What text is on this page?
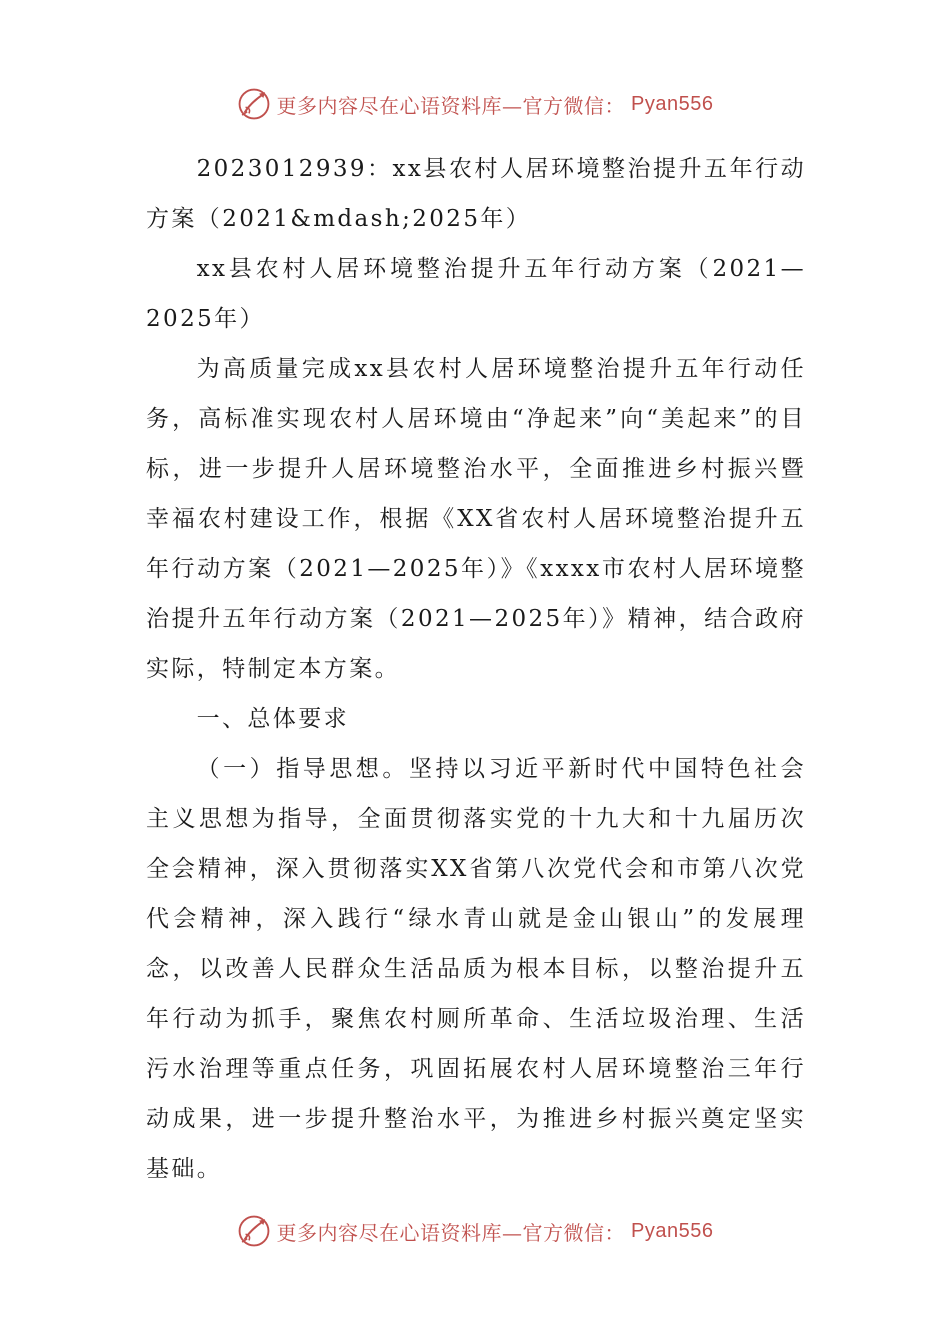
更多内容尽在心语资料库—官方微信： Pyan556

2023012939：xx县农村人居环境整治提升五年行动方案（2021&mdash;2025年）

xx县农村人居环境整治提升五年行动方案（2021—2025年）

为高质量完成xx县农村人居环境整治提升五年行动任务，高标准实现农村人居环境由“净起来”向“美起来”的目标，进一步提升人居环境整治水平，全面推进乡村振兴暨幸福农村建设工作，根据《XX省农村人居环境整治提升五年行动方案（2021—2025年）》《xxxx市农村人居环境整治提升五年行动方案（2021—2025年）》精神，结合政府实际，特制定本方案。

一、总体要求

（一）指导思想。坚持以习近平新时代中国特色社会主义思想为指导，全面贯彻落实党的十九大和十九届历次全会精神，深入贯彻落实XX省第八次党代会和市第八次党代会精神，深入践行“绿水青山就是金山银山”的发展理念，以改善人民群众生活品质为根本目标，以整治提升五年行动为抓手，聚焦农村厕所革命、生活垃圾治理、生活污水治理等重点任务，巩固拓展农村人居环境整治三年行动成果，进一步提升整治水平，为推进乡村振兴奠定坚实基础。

更多内容尽在心语资料库—官方微信： Pyan556
